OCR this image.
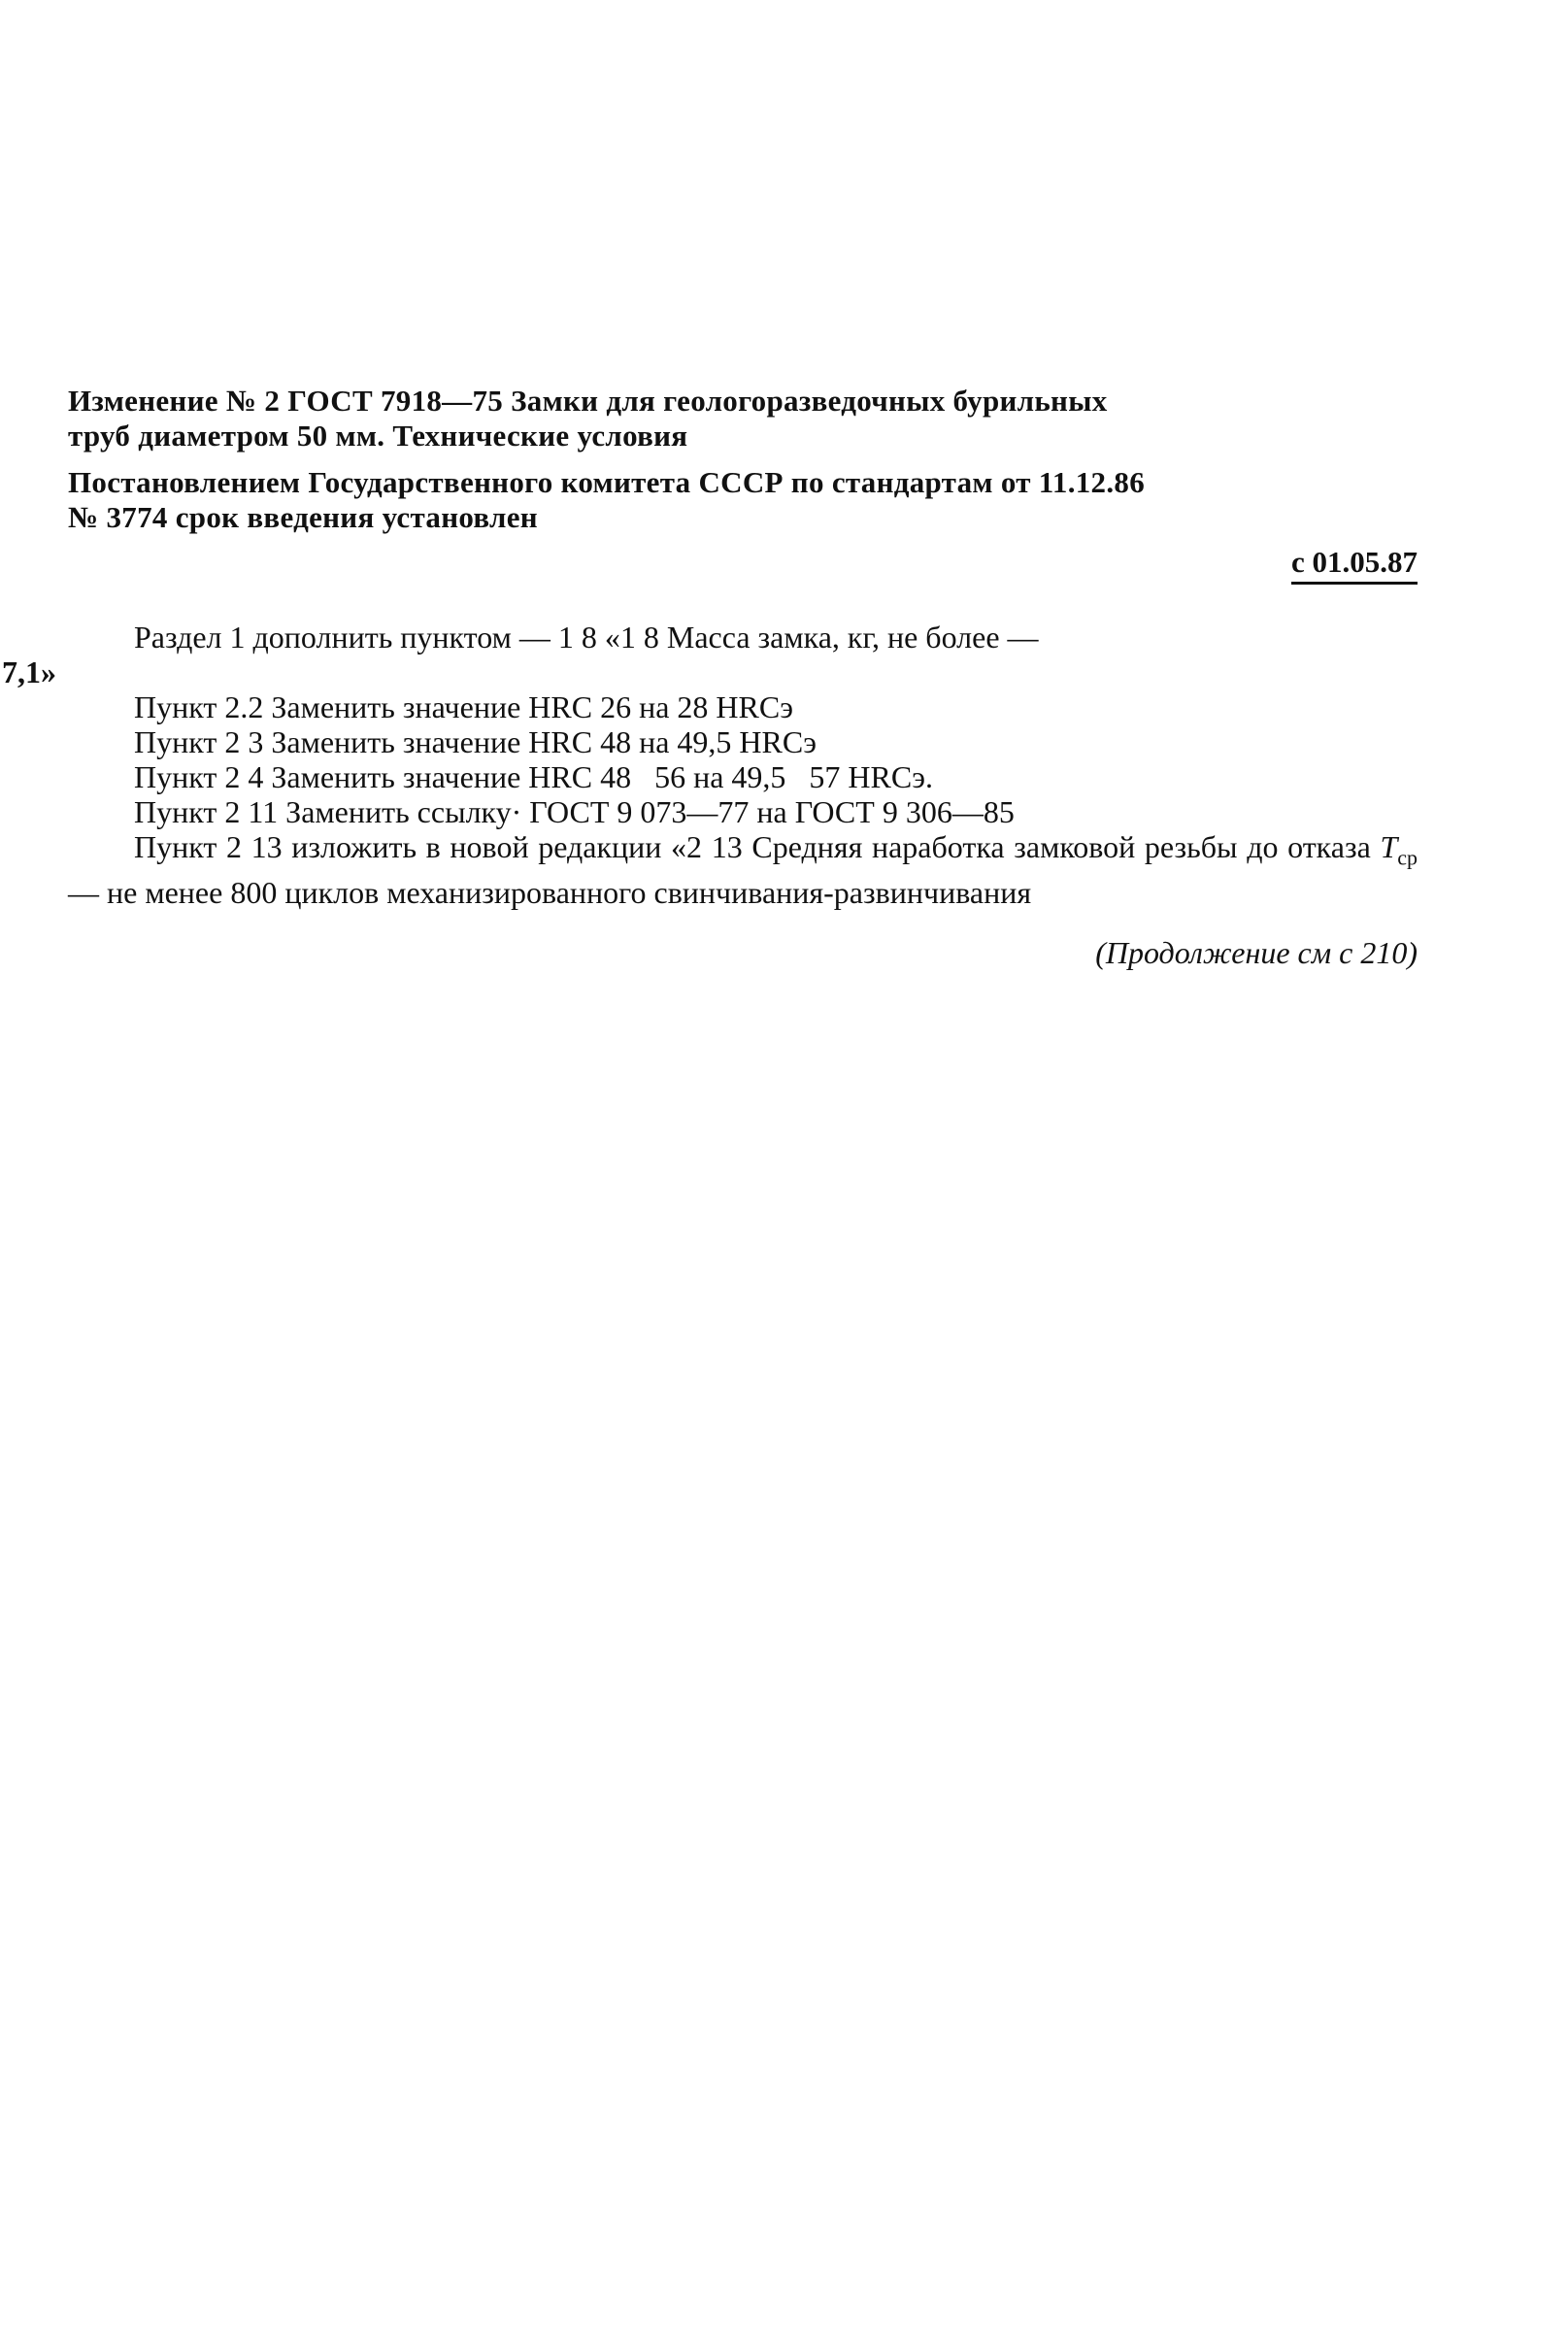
Изменение № 2 ГОСТ 7918—75 Замки для геологоразведочных бурильных
труб диаметром 50 мм. Технические условия
Постановлением Государственного комитета СССР по стандартам от 11.12.86
№ 3774 срок введения установлен
с 01.05.87

Раздел 1 дополнить пунктом — 1 8 «1 8 Масса замка, кг, не более —
7,1»

Пункт 2.2 Заменить значение HRC 26 на 28 HRCэ

Пункт 2 3 Заменить значение HRC 48 на 49,5 HRCэ

Пункт 2 4 Заменить значение HRC 48   56 на 49,5   57 HRCэ.

Пункт 2 11 Заменить ссылку· ГОСТ 9 073—77 на ГОСТ 9 306—85

Пункт 2 13 изложить в новой редакции «2 13 Средняя наработка замковой резьбы до отказа $T_{ср}$ — не менее 800 циклов механизированного свинчивания-развинчивания

(Продолжение см с 210)
